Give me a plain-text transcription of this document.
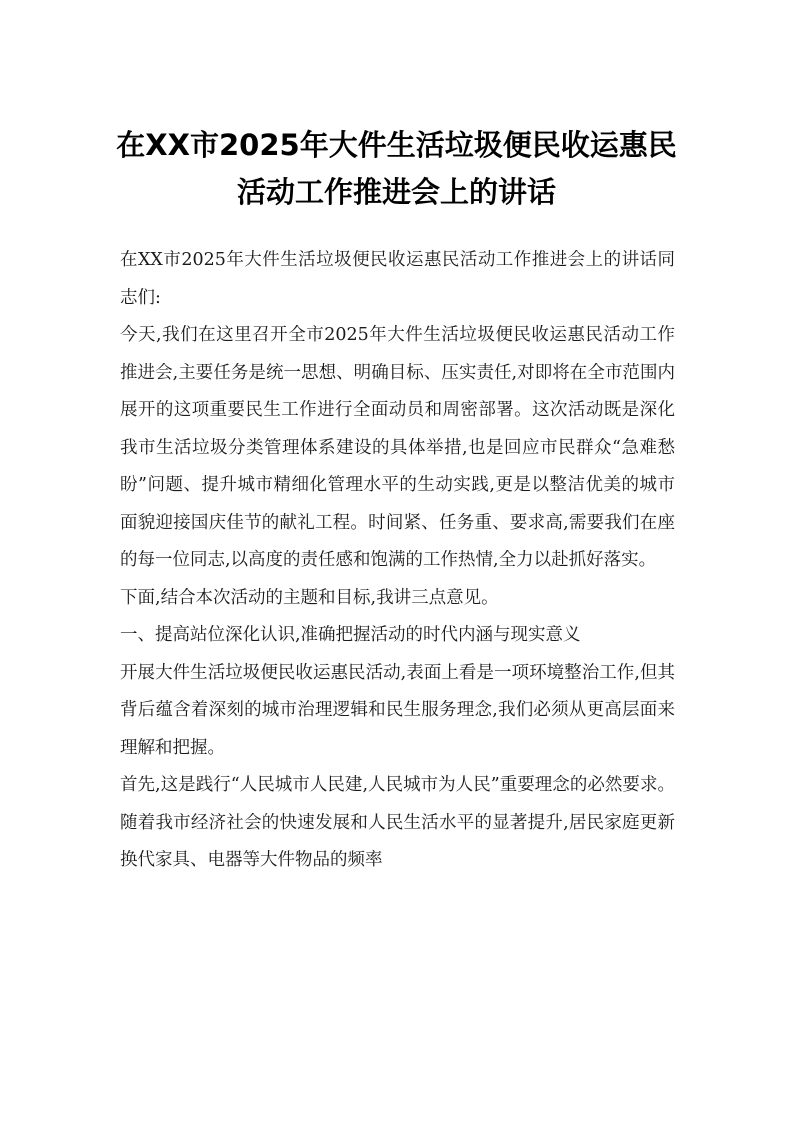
在XX市2025年大件生活垃圾便民收运惠民
活动工作推进会上的讲话

在XX市2025年大件生活垃圾便民收运惠民活动工作推进会上的讲话同志们:

今天,我们在这里召开全市2025年大件生活垃圾便民收运惠民活动工作推进会,主要任务是统一思想、明确目标、压实责任,对即将在全市范围内展开的这项重要民生工作进行全面动员和周密部署。这次活动既是深化我市生活垃圾分类管理体系建设的具体举措,也是回应市民群众“急难愁盼”问题、提升城市精细化管理水平的生动实践,更是以整洁优美的城市面貌迎接国庆佳节的献礼工程。时间紧、任务重、要求高,需要我们在座的每一位同志,以高度的责任感和饱满的工作热情,全力以赴抓好落实。

下面,结合本次活动的主题和目标,我讲三点意见。

一、提高站位深化认识,准确把握活动的时代内涵与现实意义

开展大件生活垃圾便民收运惠民活动,表面上看是一项环境整治工作,但其背后蕴含着深刻的城市治理逻辑和民生服务理念,我们必须从更高层面来理解和把握。

首先,这是践行“人民城市人民建,人民城市为人民”重要理念的必然要求。随着我市经济社会的快速发展和人民生活水平的显著提升,居民家庭更新换代家具、电器等大件物品的频率
